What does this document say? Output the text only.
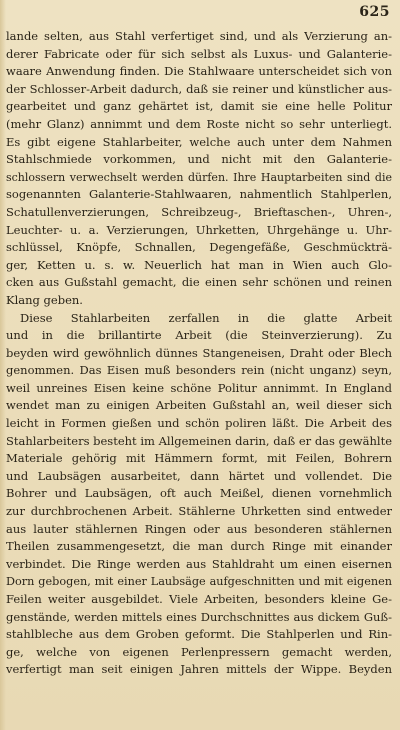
625
lande selten, aus Stahl verfertiget sind, und als Verzierung an-
derer Fabricate oder für sich selbst als Luxus- und Galanterie-
waare Anwendung finden. Die Stahlwaare unterscheidet sich von
der Schlosser-Arbeit dadurch, daß sie reiner und künstlicher aus-
gearbeitet und ganz gehärtet ist, damit sie eine helle Politur
(mehr Glanz) annimmt und dem Roste nicht so sehr unterliegt.
Es gibt eigene Stahlarbeiter, welche auch unter dem Nahmen
Stahlschmiede vorkommen, und nicht mit den Galanterie-
schlossern verwechselt werden dürfen. Ihre Hauptarbeiten sind die
sogenannten Galanterie-Stahlwaaren, nahmentlich Stahlperlen,
Schatullenverzierungen, Schreibzeug-, Brieftaschen-, Uhren-,
Leuchter- u. a. Verzierungen, Uhrketten, Uhrgehänge u. Uhr-
schlüssel, Knöpfe, Schnallen, Degengefäße, Geschmückträ-
ger, Ketten u. s. w. Neuerlich hat man in Wien auch Glo-
cken aus Gußstahl gemacht, die einen sehr schönen und reinen
Klang geben.
Diese Stahlarbeiten zerfallen in die glatte Arbeit
und in die brillantirte Arbeit (die Steinverzierung). Zu
beyden wird gewöhnlich dünnes Stangeneisen, Draht oder Blech
genommen. Das Eisen muß besonders rein (nicht unganz) seyn,
weil unreines Eisen keine schöne Politur annimmt. In England
wendet man zu einigen Arbeiten Gußstahl an, weil dieser sich
leicht in Formen gießen und schön poliren läßt. Die Arbeit des
Stahlarbeiters besteht im Allgemeinen darin, daß er das gewählte
Materiale gehörig mit Hämmern formt, mit Feilen, Bohrern
und Laubsägen ausarbeitet, dann härtet und vollendet. Die
Bohrer und Laubsägen, oft auch Meißel, dienen vornehmlich
zur durchbrochenen Arbeit. Stählerne Uhrketten sind entweder
aus lauter stählernen Ringen oder aus besonderen stählernen
Theilen zusammengesetzt, die man durch Ringe mit einander
verbindet. Die Ringe werden aus Stahldraht um einen eisernen
Dorn gebogen, mit einer Laubsäge aufgeschnitten und mit eigenen
Feilen weiter ausgebildet. Viele Arbeiten, besonders kleine Ge-
genstände, werden mittels eines Durchschnittes aus dickem Guß-
stahlbleche aus dem Groben geformt. Die Stahlperlen und Rin-
ge, welche von eigenen Perlenpressern gemacht werden,
verfertigt man seit einigen Jahren mittels der Wippe. Beyden
